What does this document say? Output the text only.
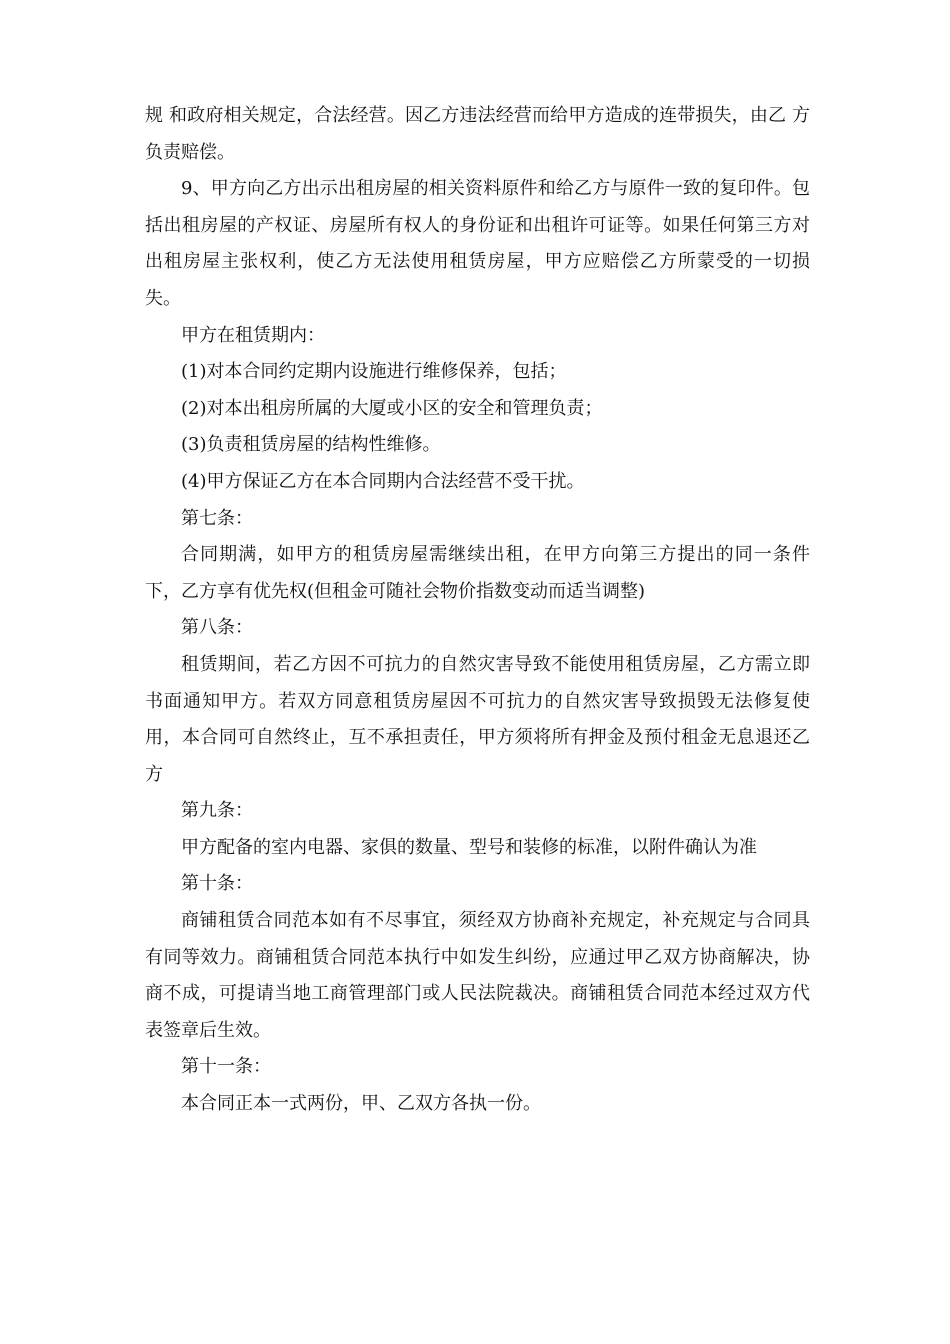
规 和政府相关规定，合法经营。因乙方违法经营而给甲方造成的连带损失，由乙 方负责赔偿。

9、甲方向乙方出示出租房屋的相关资料原件和给乙方与原件一致的复印件。包括出租房屋的产权证、房屋所有权人的身份证和出租许可证等。如果任何第三方对出租房屋主张权利，使乙方无法使用租赁房屋，甲方应赔偿乙方所蒙受的一切损失。

甲方在租赁期内：

(1)对本合同约定期内设施进行维修保养，包括；

(2)对本出租房所属的大厦或小区的安全和管理负责；

(3)负责租赁房屋的结构性维修。

(4)甲方保证乙方在本合同期内合法经营不受干扰。

第七条：

合同期满，如甲方的租赁房屋需继续出租，在甲方向第三方提出的同一条件下，乙方享有优先权(但租金可随社会物价指数变动而适当调整)

第八条：

租赁期间，若乙方因不可抗力的自然灾害导致不能使用租赁房屋，乙方需立即书面通知甲方。若双方同意租赁房屋因不可抗力的自然灾害导致损毁无法修复使用，本合同可自然终止，互不承担责任，甲方须将所有押金及预付租金无息退还乙方

第九条：

甲方配备的室内电器、家俱的数量、型号和装修的标准，以附件确认为准

第十条：

商铺租赁合同范本如有不尽事宜，须经双方协商补充规定，补充规定与合同具有同等效力。商铺租赁合同范本执行中如发生纠纷，应通过甲乙双方协商解决，协商不成，可提请当地工商管理部门或人民法院裁决。商铺租赁合同范本经过双方代表签章后生效。

第十一条：

本合同正本一式两份，甲、乙双方各执一份。
